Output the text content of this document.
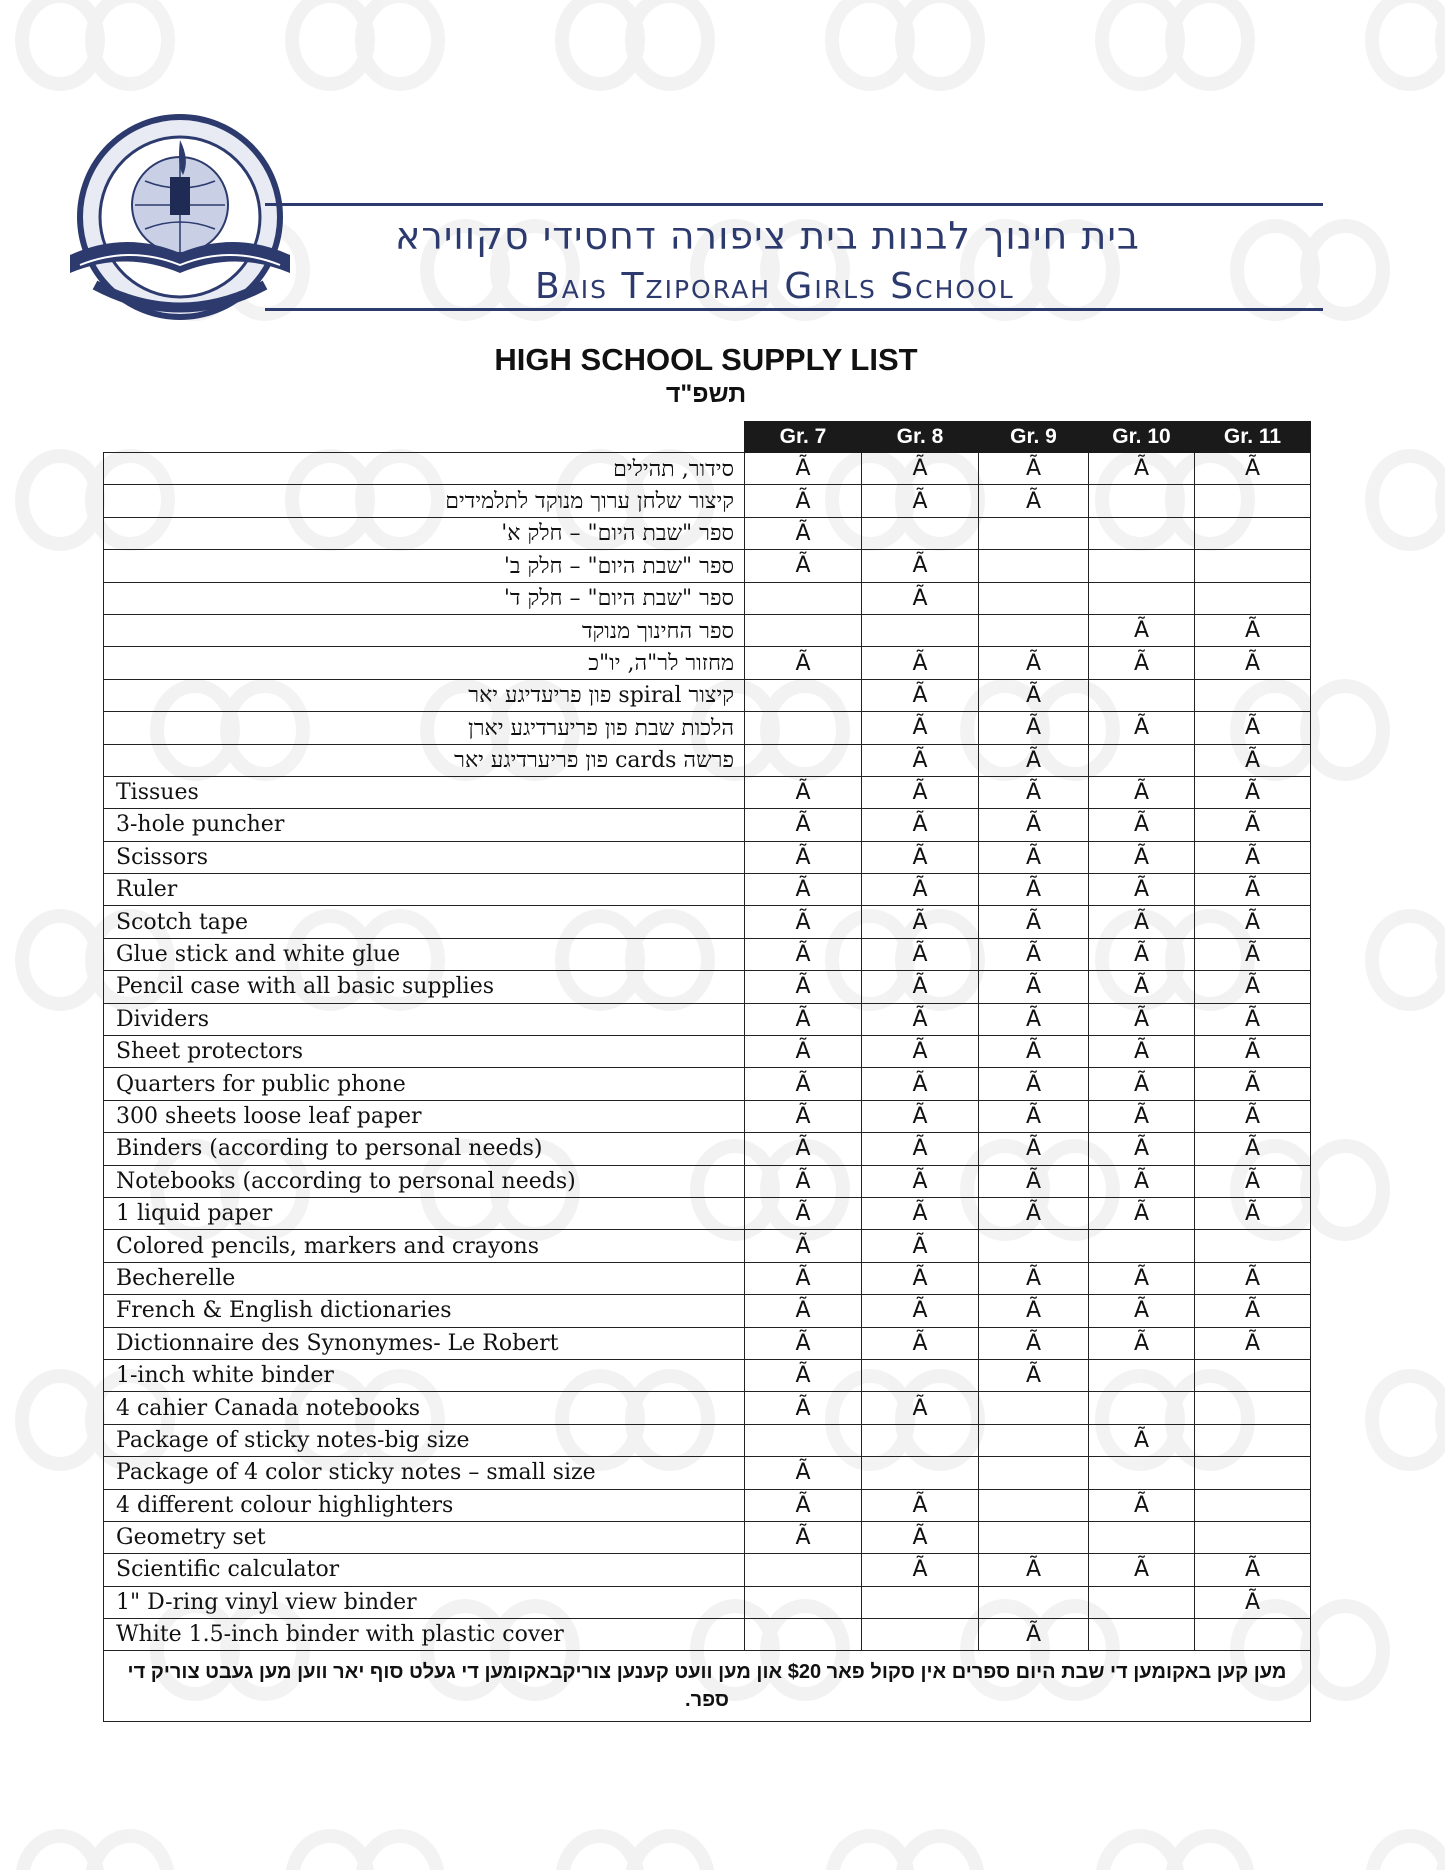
בית חינוך לבנות בית ציפורה דחסידי סקווירא
Bais Tziporah Girls School
HIGH SCHOOL SUPPLY LIST
תשפ"ד
	Gr. 7	Gr. 8	Gr. 9	Gr. 10	Gr. 11
סידור, תהילים	Ã	Ã	Ã	Ã	Ã
קיצור שלחן ערוך מנוקד לתלמידים	Ã	Ã	Ã		
ספר "שבת היום" – חלק א'	Ã				
ספר "שבת היום" – חלק ב'	Ã	Ã			
ספר "שבת היום" – חלק ד'		Ã			
ספר החינוך מנוקד				Ã	Ã
מחזור לר"ה, יו"כ	Ã	Ã	Ã	Ã	Ã
קיצור spiral פון פריעדיגע יאר		Ã	Ã		
הלכות שבת פון פריערדיגע יארן		Ã	Ã	Ã	Ã
פרשה cards פון פריערדיגע יאר		Ã	Ã		Ã
Tissues	Ã	Ã	Ã	Ã	Ã
3-hole puncher	Ã	Ã	Ã	Ã	Ã
Scissors	Ã	Ã	Ã	Ã	Ã
Ruler	Ã	Ã	Ã	Ã	Ã
Scotch tape	Ã	Ã	Ã	Ã	Ã
Glue stick and white glue	Ã	Ã	Ã	Ã	Ã
Pencil case with all basic supplies	Ã	Ã	Ã	Ã	Ã
Dividers	Ã	Ã	Ã	Ã	Ã
Sheet protectors	Ã	Ã	Ã	Ã	Ã
Quarters for public phone	Ã	Ã	Ã	Ã	Ã
300 sheets loose leaf paper	Ã	Ã	Ã	Ã	Ã
Binders (according to personal needs)	Ã	Ã	Ã	Ã	Ã
Notebooks (according to personal needs)	Ã	Ã	Ã	Ã	Ã
1 liquid paper	Ã	Ã	Ã	Ã	Ã
Colored pencils, markers and crayons	Ã	Ã			
Becherelle	Ã	Ã	Ã	Ã	Ã
French & English dictionaries	Ã	Ã	Ã	Ã	Ã
Dictionnaire des Synonymes- Le Robert	Ã	Ã	Ã	Ã	Ã
1-inch white binder	Ã		Ã		
4 cahier Canada notebooks	Ã	Ã			
Package of sticky notes-big size				Ã	
Package of 4 color sticky notes – small size	Ã				
4 different colour highlighters	Ã	Ã		Ã	
Geometry set	Ã	Ã			
Scientific calculator		Ã	Ã	Ã	Ã
1" D-ring vinyl view binder					Ã
White 1.5-inch binder with plastic cover			Ã		
מען קען באקומען די שבת היום ספרים אין סקול פאר $20 און מען וועט קענען צוריקבאקומען די געלט סוף יאר ווען מען געבט צוריק די ספר.					
